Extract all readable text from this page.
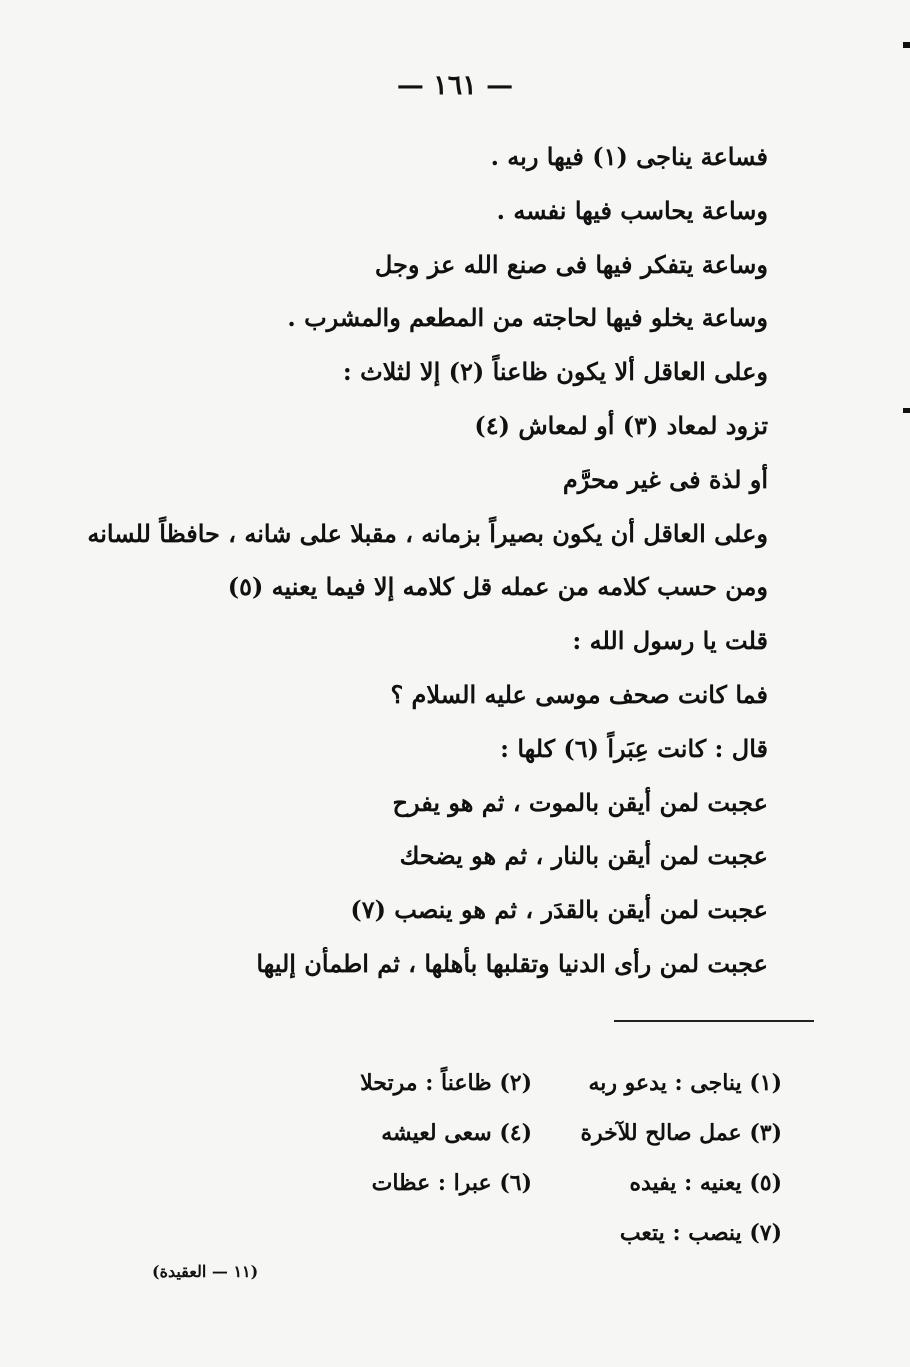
— ١٦١ —
فساعة يناجى (١) فيها ربه .
وساعة يحاسب فيها نفسه .
وساعة يتفكر فيها فى صنع الله عز وجل
وساعة يخلو فيها لحاجته من المطعم والمشرب .
وعلى العاقل ألا يكون ظاعناً (٢) إلا لثلاث :
تزود لمعاد (٣) أو لمعاش (٤)
أو لذة فى غير محرَّم
وعلى العاقل أن يكون بصيراً بزمانه ، مقبلا على شانه ، حافظاً للسانه
ومن حسب كلامه من عمله قل كلامه إلا فيما يعنيه (٥)
قلت يا رسول الله :
فما كانت صحف موسى عليه السلام ؟
قال : كانت عِبَراً (٦) كلها :
عجبت لمن أيقن بالموت ، ثم هو يفرح
عجبت لمن أيقن بالنار ، ثم هو يضحك
عجبت لمن أيقن بالقدَر ، ثم هو ينصب (٧)
عجبت لمن رأى الدنيا وتقلبها بأهلها ، ثم اطمأن إليها
(١) يناجى : يدعو ربه
(٢) ظاعناً : مرتحلا
(٣) عمل صالح للآخرة
(٤) سعى لعيشه
(٥) يعنيه : يفيده
(٦) عبرا : عظات
(٧) ينصب : يتعب
(١١ — العقيدة)
